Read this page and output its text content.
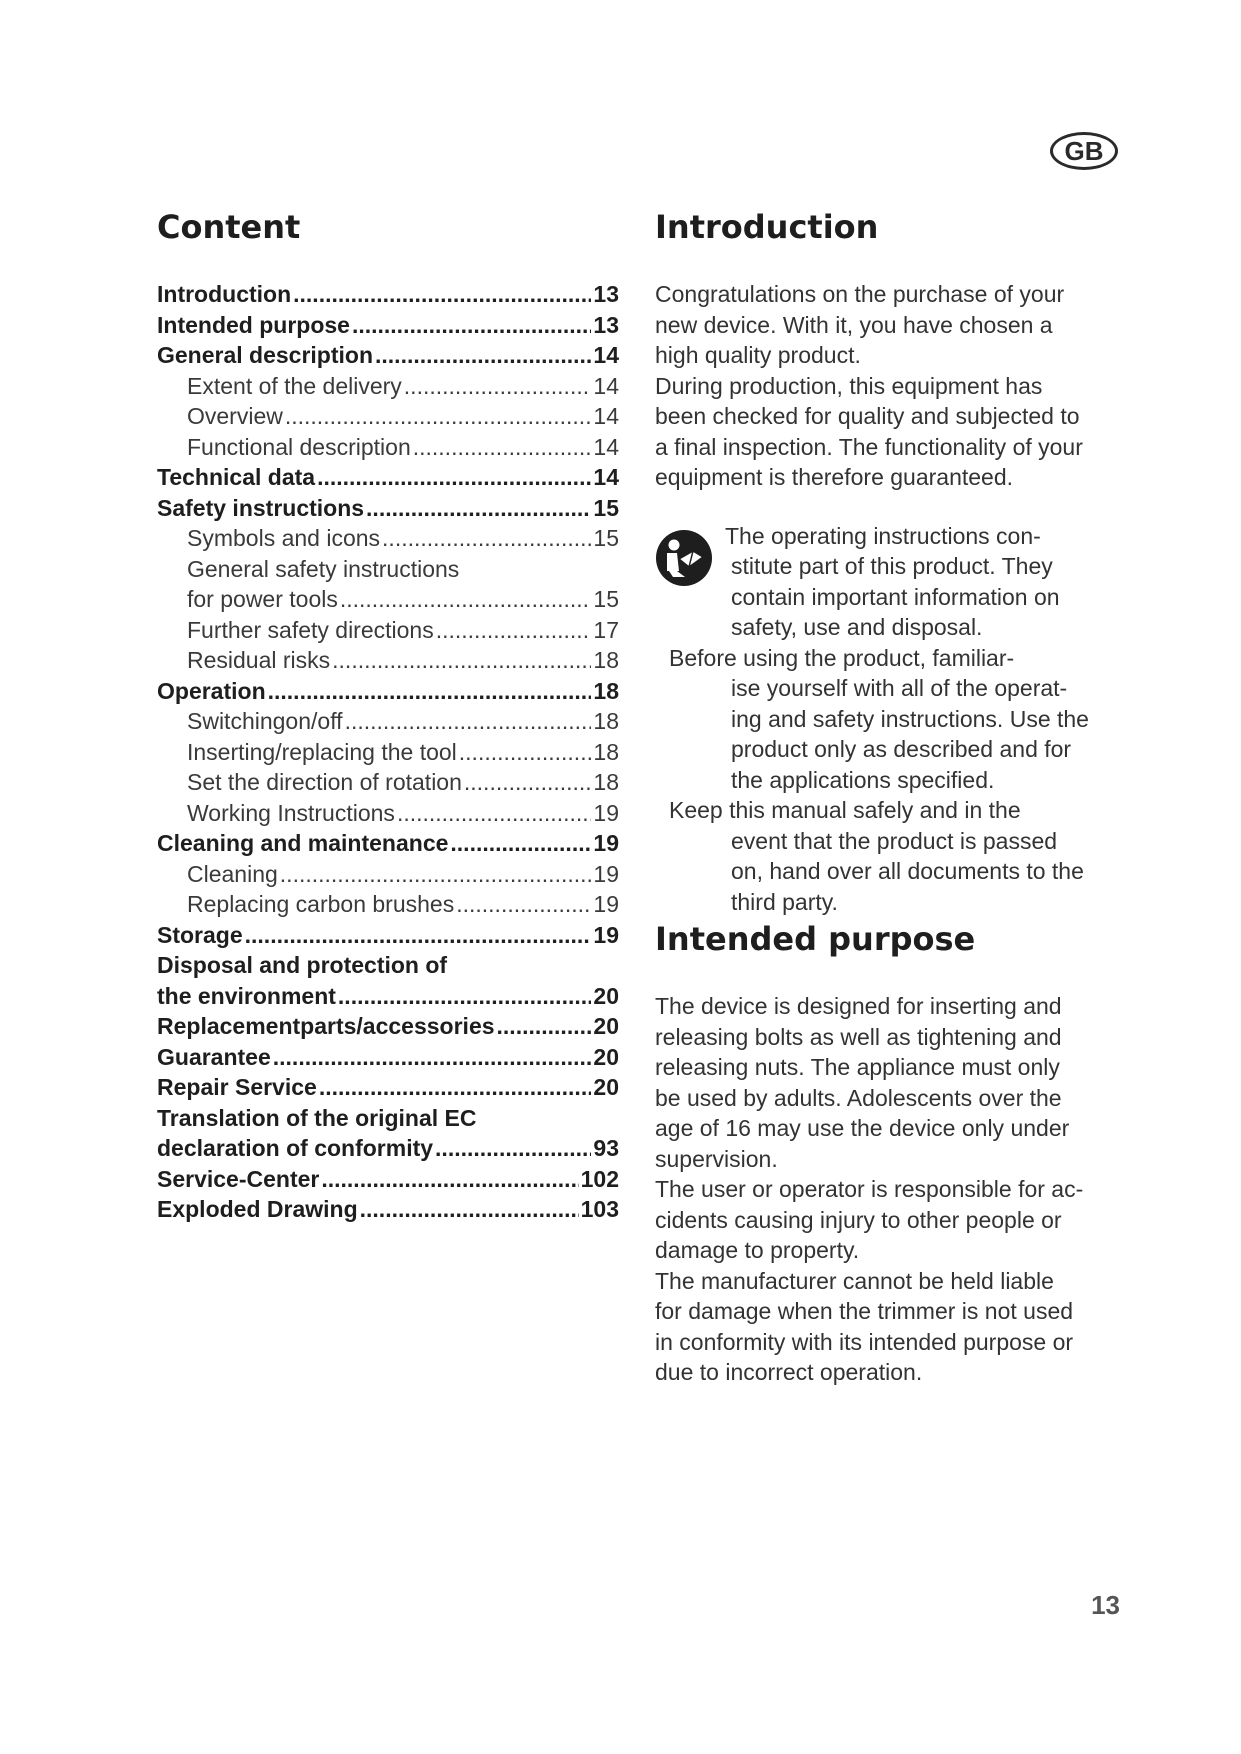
GB
Content
Introduction .....	13
Intended purpose .....	13
General description .....	14
Extent of the delivery .....	14
Overview .....	14
Functional description .....	14
Technical data .....	14
Safety instructions .....	15
Symbols and icons .....	15
General safety instructions
for power tools .....	15
Further safety directions .....	17
Residual risks .....	18
Operation .....	18
Switchingon/off .....	18
Inserting/replacing the tool .....	18
Set the direction of rotation .....	18
Working Instructions .....	19
Cleaning and maintenance .....	19
Cleaning .....	19
Replacing carbon brushes .....	19
Storage .....	19
Disposal and protection of
the environment .....	20
Replacementparts/accessories .....	20
Guarantee .....	20
Repair Service .....	20
Translation of the original EC
declaration of conformity .....	93
Service-Center .....	102
Exploded Drawing .....	103
Introduction

Congratulations on the purchase of your

new device. With it, you have chosen a

high quality product.

During production, this equipment has

been checked for quality and subjected to

a final inspection. The functionality of your

equipment is therefore guaranteed.

The operating instructions con-

stitute part of this product. They

contain important information on

safety, use and disposal.

Before using the product, familiar-

ise yourself with all of the operat-

ing and safety instructions. Use the

product only as described and for

the applications specified.

Keep this manual safely and in the

event that the product is passed

on, hand over all documents to the

third party.

Intended purpose

The device is designed for inserting and

releasing bolts as well as tightening and

releasing nuts. The appliance must only

be used by adults. Adolescents over the

age of 16 may use the device only under

supervision.

The user or operator is responsible for ac-

cidents causing injury to other people or

damage to property.

The manufacturer cannot be held liable

for damage when the trimmer is not used

in conformity with its intended purpose or

due to incorrect operation.

13
